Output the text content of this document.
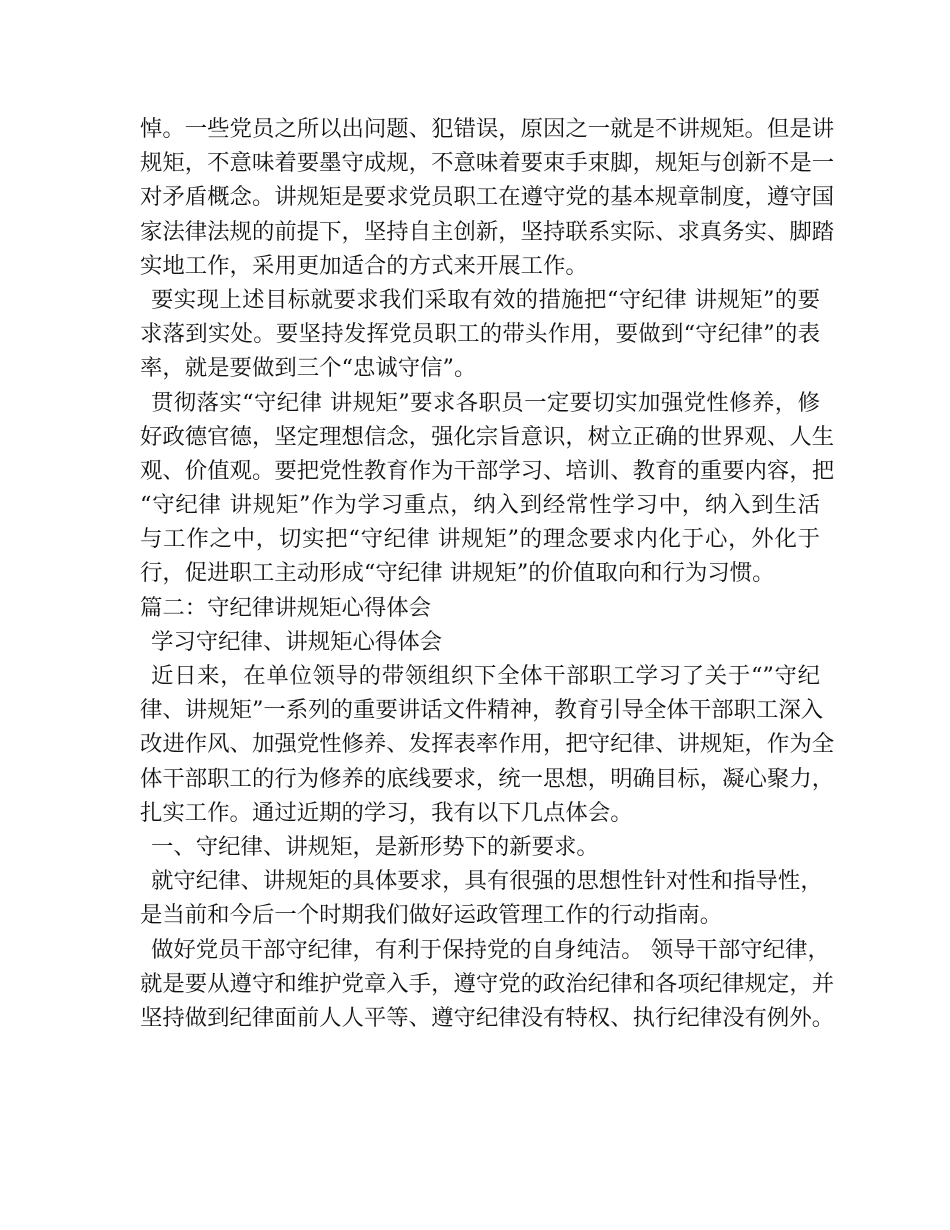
悼。一些党员之所以出问题、犯错误，原因之一就是不讲规矩。但是讲
规矩，不意味着要墨守成规，不意味着要束手束脚，规矩与创新不是一
对矛盾概念。讲规矩是要求党员职工在遵守党的基本规章制度，遵守国
家法律法规的前提下，坚持自主创新，坚持联系实际、求真务实、脚踏
实地工作，采用更加适合的方式来开展工作。
要实现上述目标就要求我们采取有效的措施把“守纪律 讲规矩”的要
求落到实处。要坚持发挥党员职工的带头作用，要做到“守纪律”的表
率，就是要做到三个“忠诚守信”。
贯彻落实“守纪律 讲规矩”要求各职员一定要切实加强党性修养，修
好政德官德，坚定理想信念，强化宗旨意识，树立正确的世界观、人生
观、价值观。要把党性教育作为干部学习、培训、教育的重要内容，把
“守纪律 讲规矩”作为学习重点，纳入到经常性学习中，纳入到生活
与工作之中，切实把“守纪律 讲规矩”的理念要求内化于心，外化于
行，促进职工主动形成“守纪律 讲规矩”的价值取向和行为习惯。
篇二：守纪律讲规矩心得体会
学习守纪律、讲规矩心得体会
近日来，在单位领导的带领组织下全体干部职工学习了关于“”守纪
律、讲规矩”一系列的重要讲话文件精神，教育引导全体干部职工深入
改进作风、加强党性修养、发挥表率作用，把守纪律、讲规矩，作为全
体干部职工的行为修养的底线要求，统一思想，明确目标，凝心聚力，
扎实工作。通过近期的学习，我有以下几点体会。
一、守纪律、讲规矩，是新形势下的新要求。
就守纪律、讲规矩的具体要求，具有很强的思想性针对性和指导性，
是当前和今后一个时期我们做好运政管理工作的行动指南。
做好党员干部守纪律，有利于保持党的自身纯洁。 领导干部守纪律，
就是要从遵守和维护党章入手，遵守党的政治纪律和各项纪律规定，并
坚持做到纪律面前人人平等、遵守纪律没有特权、执行纪律没有例外。
